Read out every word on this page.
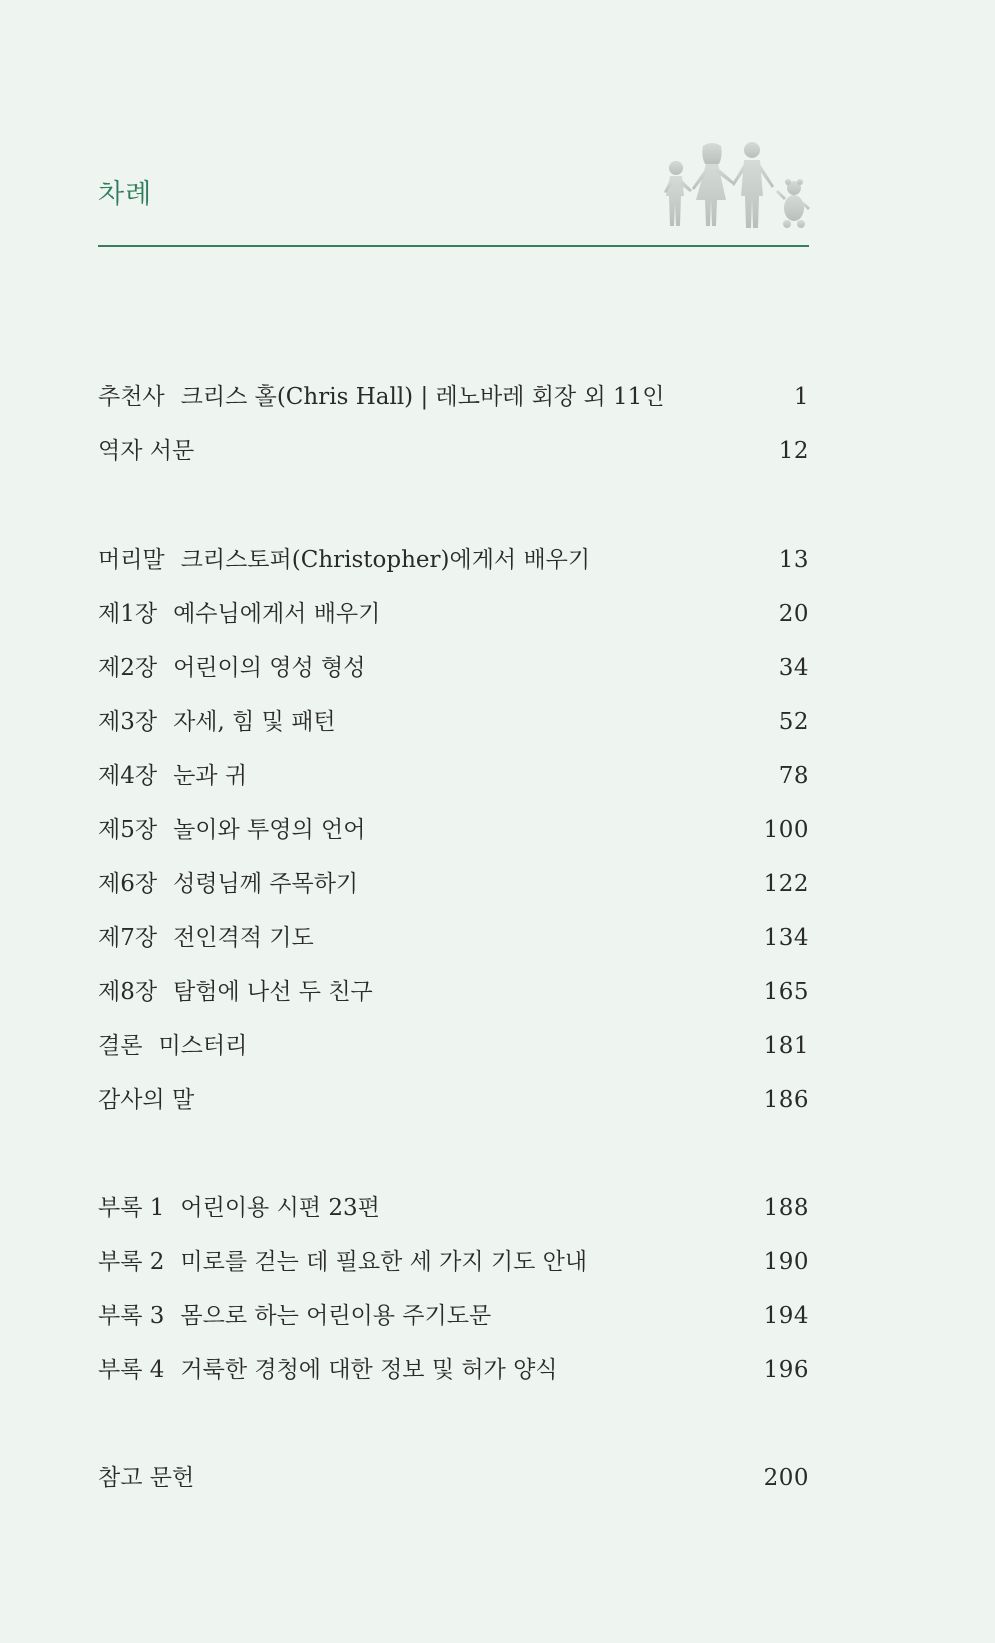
차례
추천사 크리스 홀(Chris Hall) | 레노바레 회장 외 11인	1
역자 서문	12
머리말 크리스토퍼(Christopher)에게서 배우기	13
제1장 예수님에게서 배우기	20
제2장 어린이의 영성 형성	34
제3장 자세, 힘 및 패턴	52
제4장 눈과 귀	78
제5장 놀이와 투영의 언어	100
제6장 성령님께 주목하기	122
제7장 전인격적 기도	134
제8장 탐험에 나선 두 친구	165
결론 미스터리	181
감사의 말	186
부록 1 어린이용 시편 23편	188
부록 2 미로를 걷는 데 필요한 세 가지 기도 안내	190
부록 3 몸으로 하는 어린이용 주기도문	194
부록 4 거룩한 경청에 대한 정보 및 허가 양식	196
참고 문헌	200
